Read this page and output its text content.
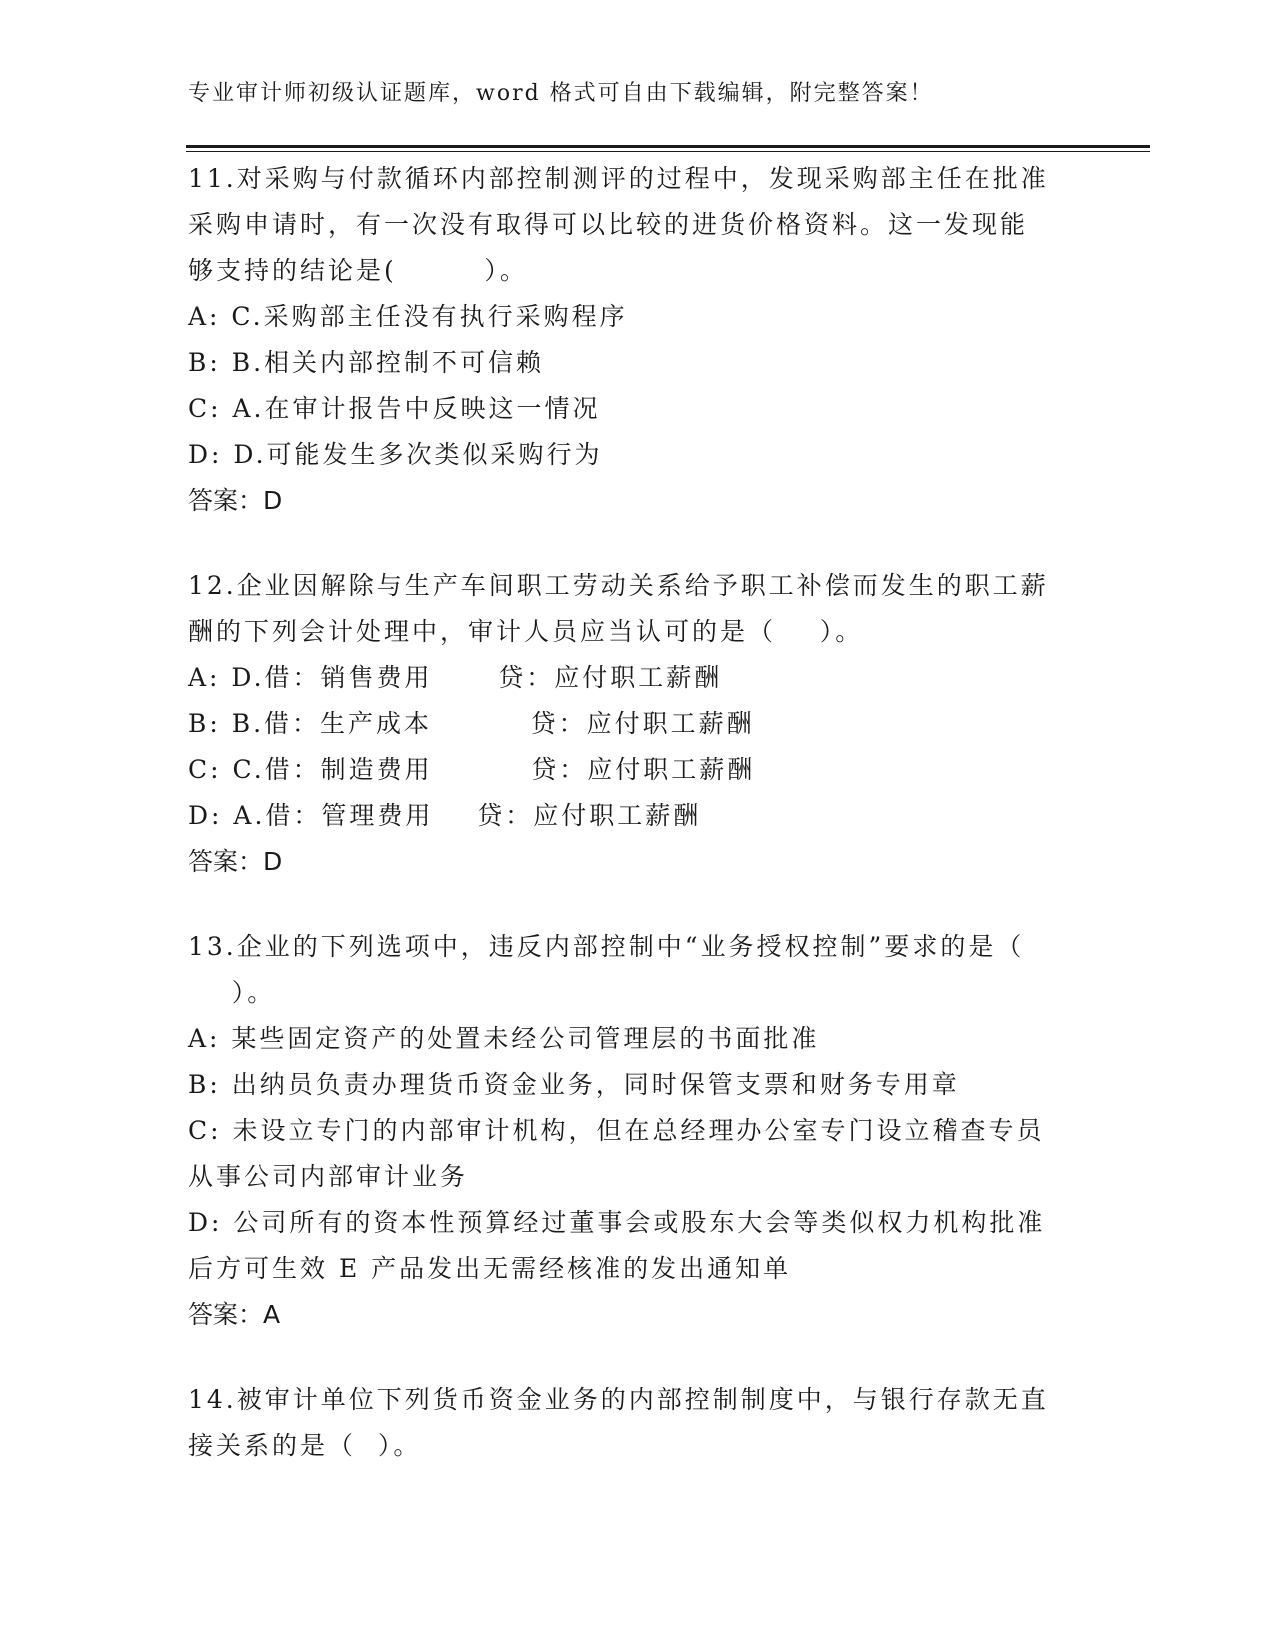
专业审计师初级认证题库，word 格式可自由下载编辑，附完整答案！
11.对采购与付款循环内部控制测评的过程中，发现采购部主任在批准
采购申请时，有一次没有取得可以比较的进货价格资料。这一发现能
够支持的结论是(        ）。
A: C.采购部主任没有执行采购程序
B: B.相关内部控制不可信赖
C: A.在审计报告中反映这一情况
D: D.可能发生多次类似采购行为
答案：D
12.企业因解除与生产车间职工劳动关系给予职工补偿而发生的职工薪
酬的下列会计处理中，审计人员应当认可的是（    ）。
A: D.借：销售费用      贷：应付职工薪酬
B: B.借：生产成本         贷：应付职工薪酬
C: C.借：制造费用         贷：应付职工薪酬
D: A.借：管理费用    贷：应付职工薪酬
答案：D
13.企业的下列选项中，违反内部控制中“业务授权控制”要求的是（
）。
A: 某些固定资产的处置未经公司管理层的书面批准
B: 出纳员负责办理货币资金业务，同时保管支票和财务专用章
C: 未设立专门的内部审计机构，但在总经理办公室专门设立稽查专员
从事公司内部审计业务
D: 公司所有的资本性预算经过董事会或股东大会等类似权力机构批准
后方可生效 E 产品发出无需经核准的发出通知单
答案：A
14.被审计单位下列货币资金业务的内部控制制度中，与银行存款无直
接关系的是（  ）。
